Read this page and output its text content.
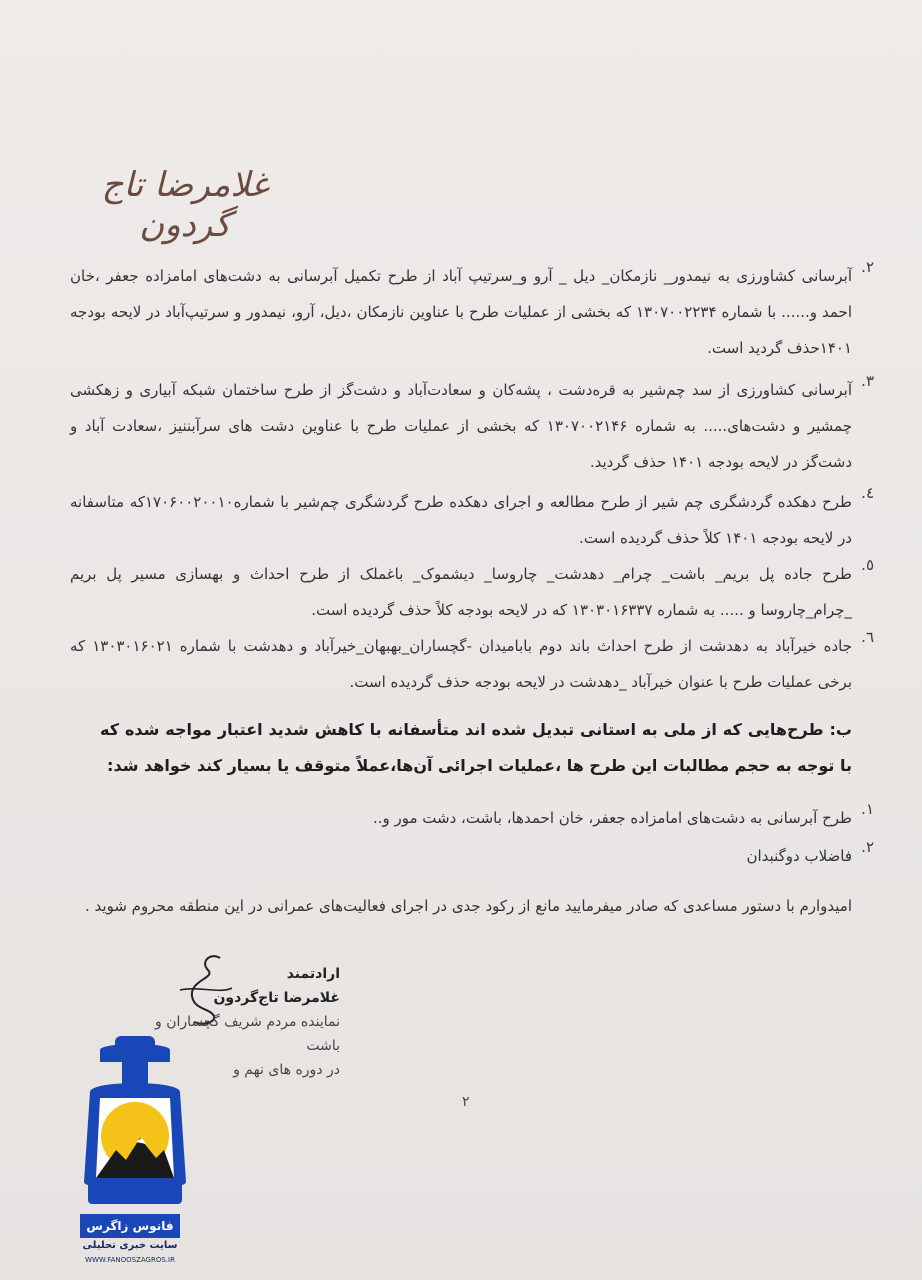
غلامرضا تاج گردون
۲.
آبرسانی کشاورزی به نیمدور_ نازمکان_ دیل _ آرو و_سرتیپ آباد از طرح تکمیل آبرسانی به دشت‌های امامزاده جعفر ،خان احمد و...... با شماره ۱۳۰۷۰۰۲۲۳۴ که بخشی از عملیات طرح با عناوین نازمکان ،دیل، آرو، نیمدور و سرتیپ‌آباد در لایحه بودجه ۱۴۰۱حذف گردید است.
۳.
آبرسانی کشاورزی از سد چم‌شیر به قره‌دشت ، پشه‌کان و سعادت‌آباد و دشت‌گز از طرح ساختمان شبکه آبیاری و زهکشی چمشیر و دشت‌های..... به شماره ۱۳۰۷۰۰۲۱۴۶ که بخشی از عملیات طرح با عناوین دشت های سرآبننیز ،سعادت آباد و دشت‌گز در لایحه بودجه ۱۴۰۱ حذف گردید.
٤.
طرح دهکده گردشگری چم شیر از طرح مطالعه و اجرای دهکده طرح گردشگری چم‌شیر با شماره۱۷۰۶۰۰۲۰۰۱۰که متاسفانه در لایحه بودجه ۱۴۰۱ کلاً حذف گردیده است.
٥.
طرح جاده پل بریم_ باشت_ چرام_ دهدشت_ چاروسا_ دیشموک_ باغملک از طرح احداث و بهسازی مسیر پل بریم _چرام_چاروسا و ..... به شماره ۱۳۰۳۰۱۶۳۳۷ که در لایحه بودجه کلاً حذف گردیده است.
٦.
جاده خیرآباد به دهدشت از طرح احداث باند دوم بابامیدان -گچساران_بهبهان_خیرآباد و دهدشت با شماره ۱۳۰۳۰۱۶۰۲۱ که برخی عملیات طرح با عنوان خیرآباد _دهدشت در لایحه بودجه حذف گردیده است.
ب: طرح‌هایی که از ملی به استانی تبدیل شده اند متأسفانه با کاهش شدید اعتبار مواجه شده که با توجه به حجم مطالبات این طرح ها ،عملیات اجرائی آن‌ها،عملاً متوقف یا بسیار کند خواهد شد:
۱.
طرح آبرسانی به دشت‌های امامزاده جعفر، خان احمدها، باشت، دشت مور و..
۲.
فاضلاب دوگنبدان
امیدوارم با دستور مساعدی که صادر میفرمایید مانع از رکود جدی در اجرای فعالیت‌های عمرانی در این منطقه محروم شوید .
ارادتمند
غلامرضا تاج‌گردون
نماینده مردم شریف گچساران و باشت
در دوره های نهم و
۲
فانوس زاگرس
سایت خبری تحلیلی
WWW.FANOOSZAGROS.IR
